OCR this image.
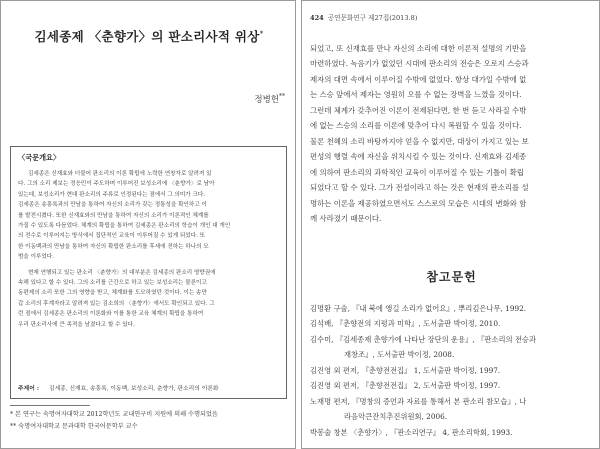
김세종제 〈춘향가〉의 판소리사적 위상*
정병헌**
〈국문개요〉
김세종은 신재효와 더불어 판소리의 이론 확립에 노력한 연창자로 알려져 있
다. 그의 소리 제보는 정응민이 주도하며 이루어진 보성소리에 〈춘향가〉로 남아
있는데, 보성소리가 현대 판소리의 주류로 인정된다는 점에서 그 의미가 크다.
김세종은 송흥록과의 만남을 통하여 자신의 소리가 갖는 정통성을 확인하고 이
를 발전시켰다. 또한 신재효와의 만남을 통하여 자신의 소리가 이론적인 체계를
가질 수 있도록 다듬었다. 체계의 확립을 통하여 김세종은 판소리의 학습이 개인 대 개인
의 전수로 이루어지는 방식에서 집단적인 교육이 이루어질 수 있게 되었다. 또
한 이동백과의 만남을 통하여 자신의 확립한 판소리를 후세에 전하는 하나의 모
범을 이루었다.
현재 연행되고 있는 판소리 〈춘향가〉의 대부분은 김세종의 판소리 영향권에
속해 있다고 할 수 있다. 그의 소리를 근간으로 하고 있는 보성소리는 물론이고
동편제의 소리 또한 그의 영향을 받고, 체계화를 도모하였던 것이다. 이는 송만
갑 소리의 후계자라고 알려져 있는 김소희의 〈춘향가〉에서도 확인되고 있다. 그
런 점에서 김세종은 판소리의 이론화와 이를 통한 교육 체계의 확립을 통하여
우리 판소리사에 큰 족적을 남겼다고 할 수 있다.
주제어 : 김세종, 신재효, 송흥록, 이동백, 보성소리, 춘향가, 판소리의 이론화
* 본 연구는 숙명여자대학교 2012학년도 교내연구비 지원에 의해 수행되었음
** 숙명여자대학교 문과대학 한국어문학부 교수
424 공연문화연구 제27집(2013.8)
되었고, 또 신재효를 만나 자신의 소리에 대한 이론적 설명의 기반을
마련하였다. 녹음기가 없었던 시대에 판소리의 전승은 오로지 스승과
제자의 대면 속에서 이루어질 수밖에 없었다. 항상 대가일 수밖에 없
는 스승 앞에서 제자는 영원히 오를 수 없는 장벽을 느꼈을 것이다.
그런데 체계가 갖추어진 이론이 전제된다면, 한 번 듣고 사라질 수밖
에 없는 스승의 소리를 이론에 맞추어 다시 복원할 수 있을 것이다.
물론 천혜의 소리 바탕까지야 얻을 수 없지만, 대상이 가지고 있는 보
편성의 행렬 속에 자신을 위치시킬 수 있는 것이다. 신재효와 김세종
에 의하여 판소리의 과학적인 교육이 이루어질 수 있는 기틀이 확립
되었다고 할 수 있다. 그가 전설이라고 하는 것은 현재의 판소리를 설
명하는 이론을 제공하였으면서도 스스로의 모습은 시대의 변화와 함
께 사라졌기 때문이다.
참고문헌
김명환 구술, 『내 북에 앵길 소리가 없어요』, 뿌리깊은나무, 1992.
김석배, 『춘향전의 지평과 미학』, 도서출판 박이정, 2010.
김수미, 『김세종제 춘향가에 나타난 장단의 운용』, 『판소리의 전승과
재창조』, 도서출판 박이정, 2008.
김진영 외 편저, 『춘향전전집』 1, 도서출판 박이정, 1997.
김진영 외 편저, 『춘향전전집』 2, 도서출판 박이정, 1997.
노재명 편저, 『명창의 증언과 자료를 통해서 본 판소리 참모습』, 나
라음악큰잔치추진위원회, 2006.
박봉술 창본 〈춘향가〉, 『판소리연구』 4, 판소리학회, 1993.
